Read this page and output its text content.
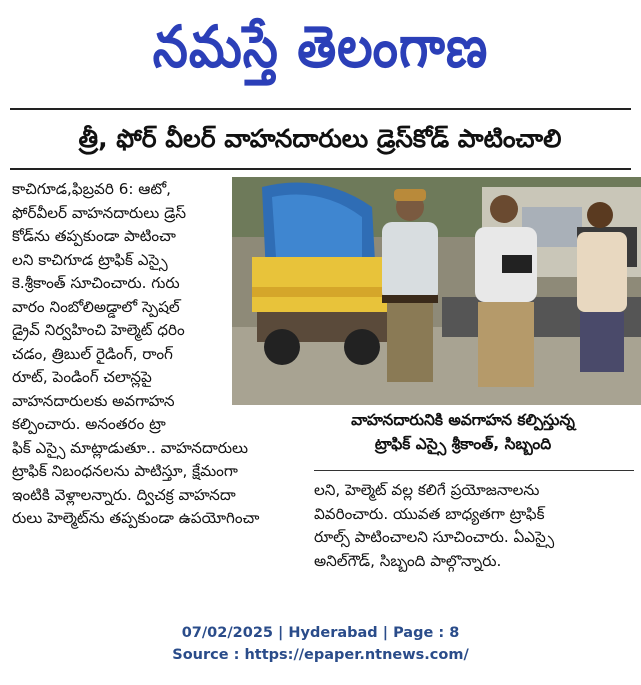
నమస్తే తెలంగాణ
త్రీ, ఫోర్ వీలర్ వాహనదారులు డ్రెస్‌కోడ్ పాటించాలి
కాచిగూడ,ఫిబ్రవరి 6: ఆటో,
ఫోర్‌వీలర్ వాహనదారులు డ్రెస్
కోడ్‌ను తప్పకుండా పాటించా
లని కాచిగూడ ట్రాఫిక్ ఎస్సై
కె.శ్రీకాంత్ సూచించారు. గురు
వారం నింబోలిఅడ్డాలో స్పెషల్
డ్రైవ్ నిర్వహించి హెల్మెట్ ధరిం
చడం, త్రిబుల్ రైడింగ్, రాంగ్
రూట్, పెండింగ్ చలాన్లపై
వాహనదారులకు అవగాహన
కల్పించారు. అనంతరం ట్రా
ఫిక్ ఎస్సై మాట్లాడుతూ.. వాహనదారులు
ట్రాఫిక్ నిబంధనలను పాటిస్తూ, క్షేమంగా
ఇంటికి వెళ్లాలన్నారు. ద్విచక్ర వాహనదా
రులు హెల్మెట్‌ను తప్పకుండా ఉపయోగించా
వాహనదారునికి అవగాహన కల్పిస్తున్న
ట్రాఫిక్ ఎస్సై శ్రీకాంత్, సిబ్బంది
లని, హెల్మెట్ వల్ల కలిగే ప్రయోజనాలను
వివరించారు. యువత బాధ్యతగా ట్రాఫిక్
రూల్స్ పాటించాలని సూచించారు. ఏఎస్సై
అనిల్‌గౌడ్, సిబ్బంది పాల్గొన్నారు.
07/02/2025 | Hyderabad | Page : 8
Source : https://epaper.ntnews.com/
